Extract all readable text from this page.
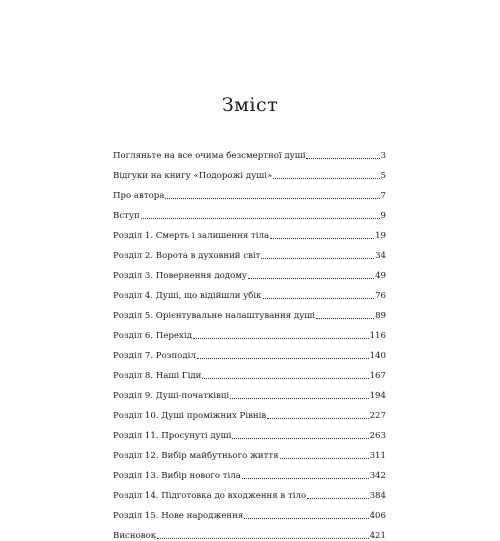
Зміст
Погляньте на все очима безсмертної душі	3
Відгуки на книгу «Подорожі душі»	5
Про автора	7
Вступ	9
Розділ 1. Смерть і залишення тіла	19
Розділ 2. Ворота в духовний світ	34
Розділ 3. Повернення додому	49
Розділ 4. Душі, що відійшли убік	76
Розділ 5. Орієнтувальне налаштування душі	89
Розділ 6. Перехід	116
Розділ 7. Розподіл	140
Розділ 8. Наші Гіди	167
Розділ 9. Душі-початківці	194
Розділ 10. Душі проміжних Рівнів	227
Розділ 11. Просунуті душі	263
Розділ 12. Вибір майбутнього життя	311
Розділ 13. Вибір нового тіла	342
Розділ 14. Підготовка до входження в тіло	384
Розділ 15. Нове народження	406
Висновок	421
